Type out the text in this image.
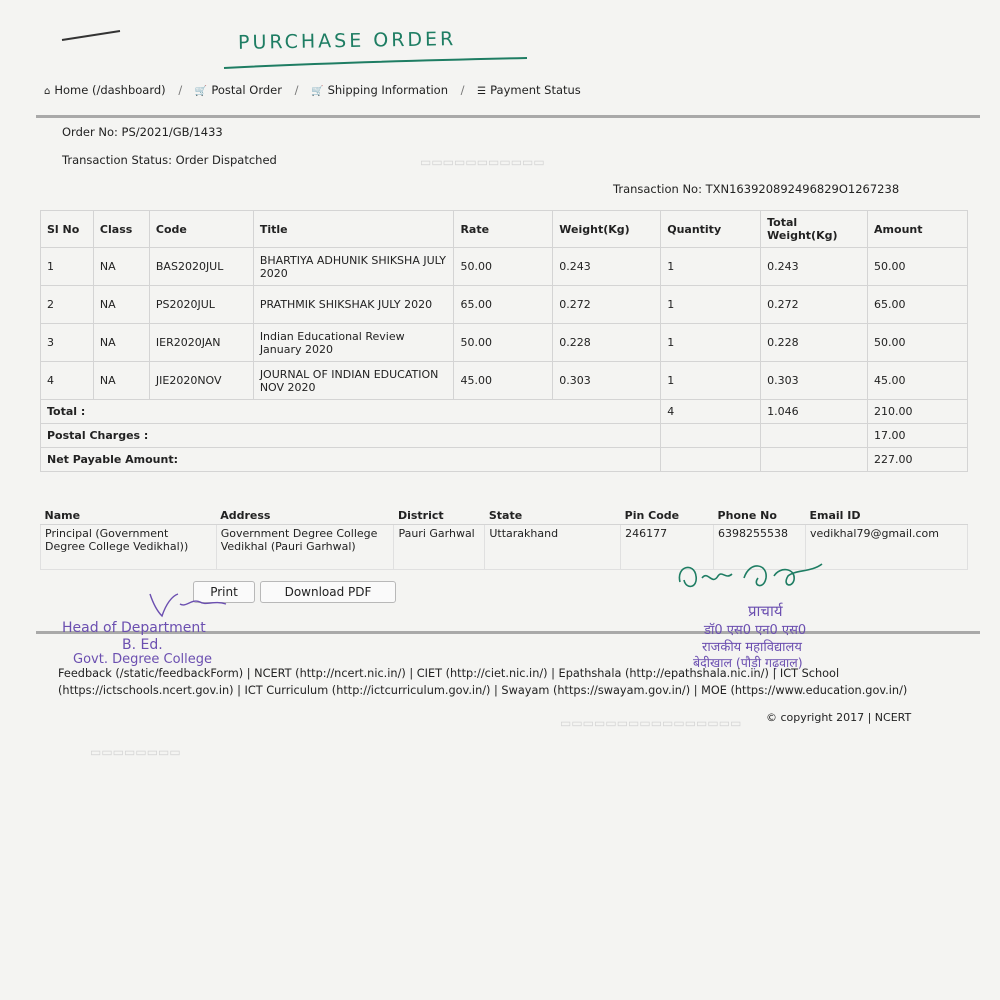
PURCHASE ORDER
⌂ Home (/dashboard) / 🛒 Postal Order / 🛒 Shipping Information / ☰ Payment Status
▭▭▭▭▭▭▭▭▭▭▭
Order No: PS/2021/GB/1433
Transaction Status: Order Dispatched
Transaction No: TXN163920892496829O1267238
Sl No	Class	Code	Title	Rate	Weight(Kg)	Quantity	Total Weight(Kg)	Amount
1	NA	BAS2020JUL	BHARTIYA ADHUNIK SHIKSHA JULY 2020	50.00	0.243	1	0.243	50.00
2	NA	PS2020JUL	PRATHMIK SHIKSHAK JULY 2020	65.00	0.272	1	0.272	65.00
3	NA	IER2020JAN	Indian Educational Review January 2020	50.00	0.228	1	0.228	50.00
4	NA	JIE2020NOV	JOURNAL OF INDIAN EDUCATION NOV 2020	45.00	0.303	1	0.303	45.00
Total :						4	1.046	210.00
Postal Charges :								17.00
Net Payable Amount:								227.00
Name	Address	District	State	Pin Code	Phone No	Email ID
Principal (Government Degree College Vedikhal))	Government Degree College Vedikhal (Pauri Garhwal)	Pauri Garhwal	Uttarakhand	246177	6398255538	vedikhal79@gmail.com
Print	Download PDF
Head of Department
B. Ed.
Govt. Degree College
प्राचार्य
डॉ0 एस0 एन0 एस0
राजकीय महाविद्यालय
बेदीखाल (पौड़ी गढ़वाल)
Feedback (/static/feedbackForm) | NCERT (http://ncert.nic.in/) | CIET (http://ciet.nic.in/) | Epathshala (http://epathshala.nic.in/) | ICT School (https://ictschools.ncert.gov.in) | ICT Curriculum (http://ictcurriculum.gov.in/) | Swayam (https://swayam.gov.in/) | MOE (https://www.education.gov.in/)
© copyright 2017 | NCERT
▭▭▭▭▭▭▭▭
▭▭▭▭▭▭▭▭▭▭▭▭▭▭▭▭
